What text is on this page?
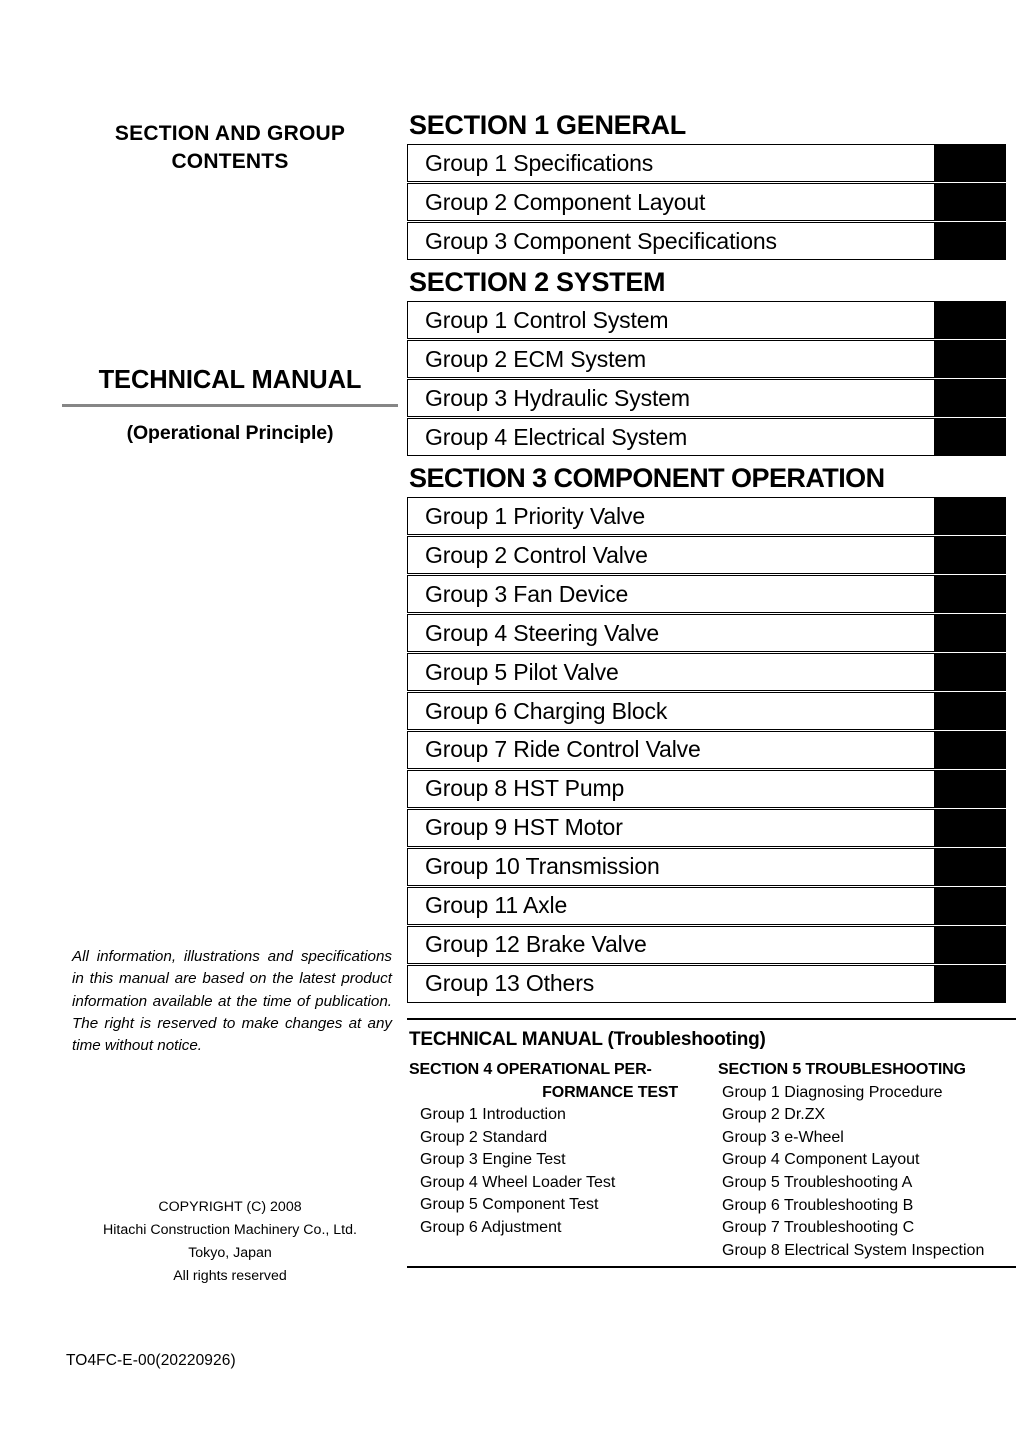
SECTION AND GROUP
CONTENTS
TECHNICAL MANUAL
(Operational Principle)

All information, illustrations and specifications in this manual are based on the latest product information available at the time of publication. The right is reserved to make changes at any time without notice.

COPYRIGHT (C) 2008
Hitachi Construction Machinery Co., Ltd.
Tokyo, Japan
All rights reserved
TO4FC-E-00(20220926)
SECTION 1 GENERAL
Group 1 Specifications
Group 2 Component Layout
Group 3 Component Specifications
SECTION 2 SYSTEM
Group 1 Control System
Group 2 ECM System
Group 3 Hydraulic System
Group 4 Electrical System
SECTION 3 COMPONENT OPERATION
Group 1 Priority Valve
Group 2 Control Valve
Group 3 Fan Device
Group 4 Steering Valve
Group 5 Pilot Valve
Group 6 Charging Block
Group 7 Ride Control Valve
Group 8 HST Pump
Group 9 HST Motor
Group 10 Transmission
Group 11 Axle
Group 12 Brake Valve
Group 13 Others
TECHNICAL MANUAL (Troubleshooting)
SECTION 4 OPERATIONAL PER-
FORMANCE TEST
Group 1 Introduction
Group 2 Standard
Group 3 Engine Test
Group 4 Wheel Loader Test
Group 5 Component Test
Group 6 Adjustment
SECTION 5 TROUBLESHOOTING
Group 1 Diagnosing Procedure
Group 2 Dr.ZX
Group 3 e-Wheel
Group 4 Component Layout
Group 5 Troubleshooting A
Group 6 Troubleshooting B
Group 7 Troubleshooting C
Group 8 Electrical System Inspection
